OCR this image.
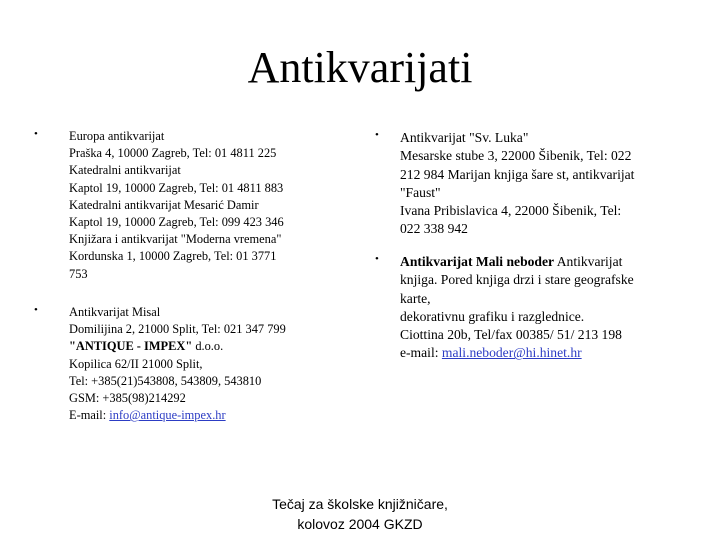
Antikvarijati
•	Europa antikvarijat
Praška 4, 10000 Zagreb, Tel: 01 4811 225
Katedralni antikvarijat
Kaptol 19, 10000 Zagreb, Tel: 01 4811 883
Katedralni antikvarijat Mesarić Damir
Kaptol 19, 10000 Zagreb, Tel: 099 423 346
Knjižara i antikvarijat "Moderna vremena"
Kordunska 1, 10000 Zagreb, Tel: 01 3771
753
•	Antikvarijat Misal
Domilijina 2, 21000 Split, Tel: 021 347 799
"ANTIQUE - IMPEX" d.o.o.
Kopilica 62/II 21000 Split,
Tel: +385(21)543808, 543809, 543810
GSM: +385(98)214292
E-mail: info@antique-impex.hr
• Antikvarijat "Sv. Luka"
Mesarske stube 3, 22000 Šibenik, Tel: 022
212 984 Marijan knjiga šare st, antikvarijat
"Faust"
Ivana Pribislavica 4, 22000 Šibenik, Tel:
022 338 942
• Antikvarijat Mali neboder Antikvarijat
knjiga. Pored knjiga drzi i stare geografske
karte,
dekorativnu grafiku i razglednice.
Ciottina 20b, Tel/fax 00385/ 51/ 213 198
e-mail: mali.neboder@hi.hinet.hr
Tečaj za školske knjižničare,
kolovoz 2004 GKZD
